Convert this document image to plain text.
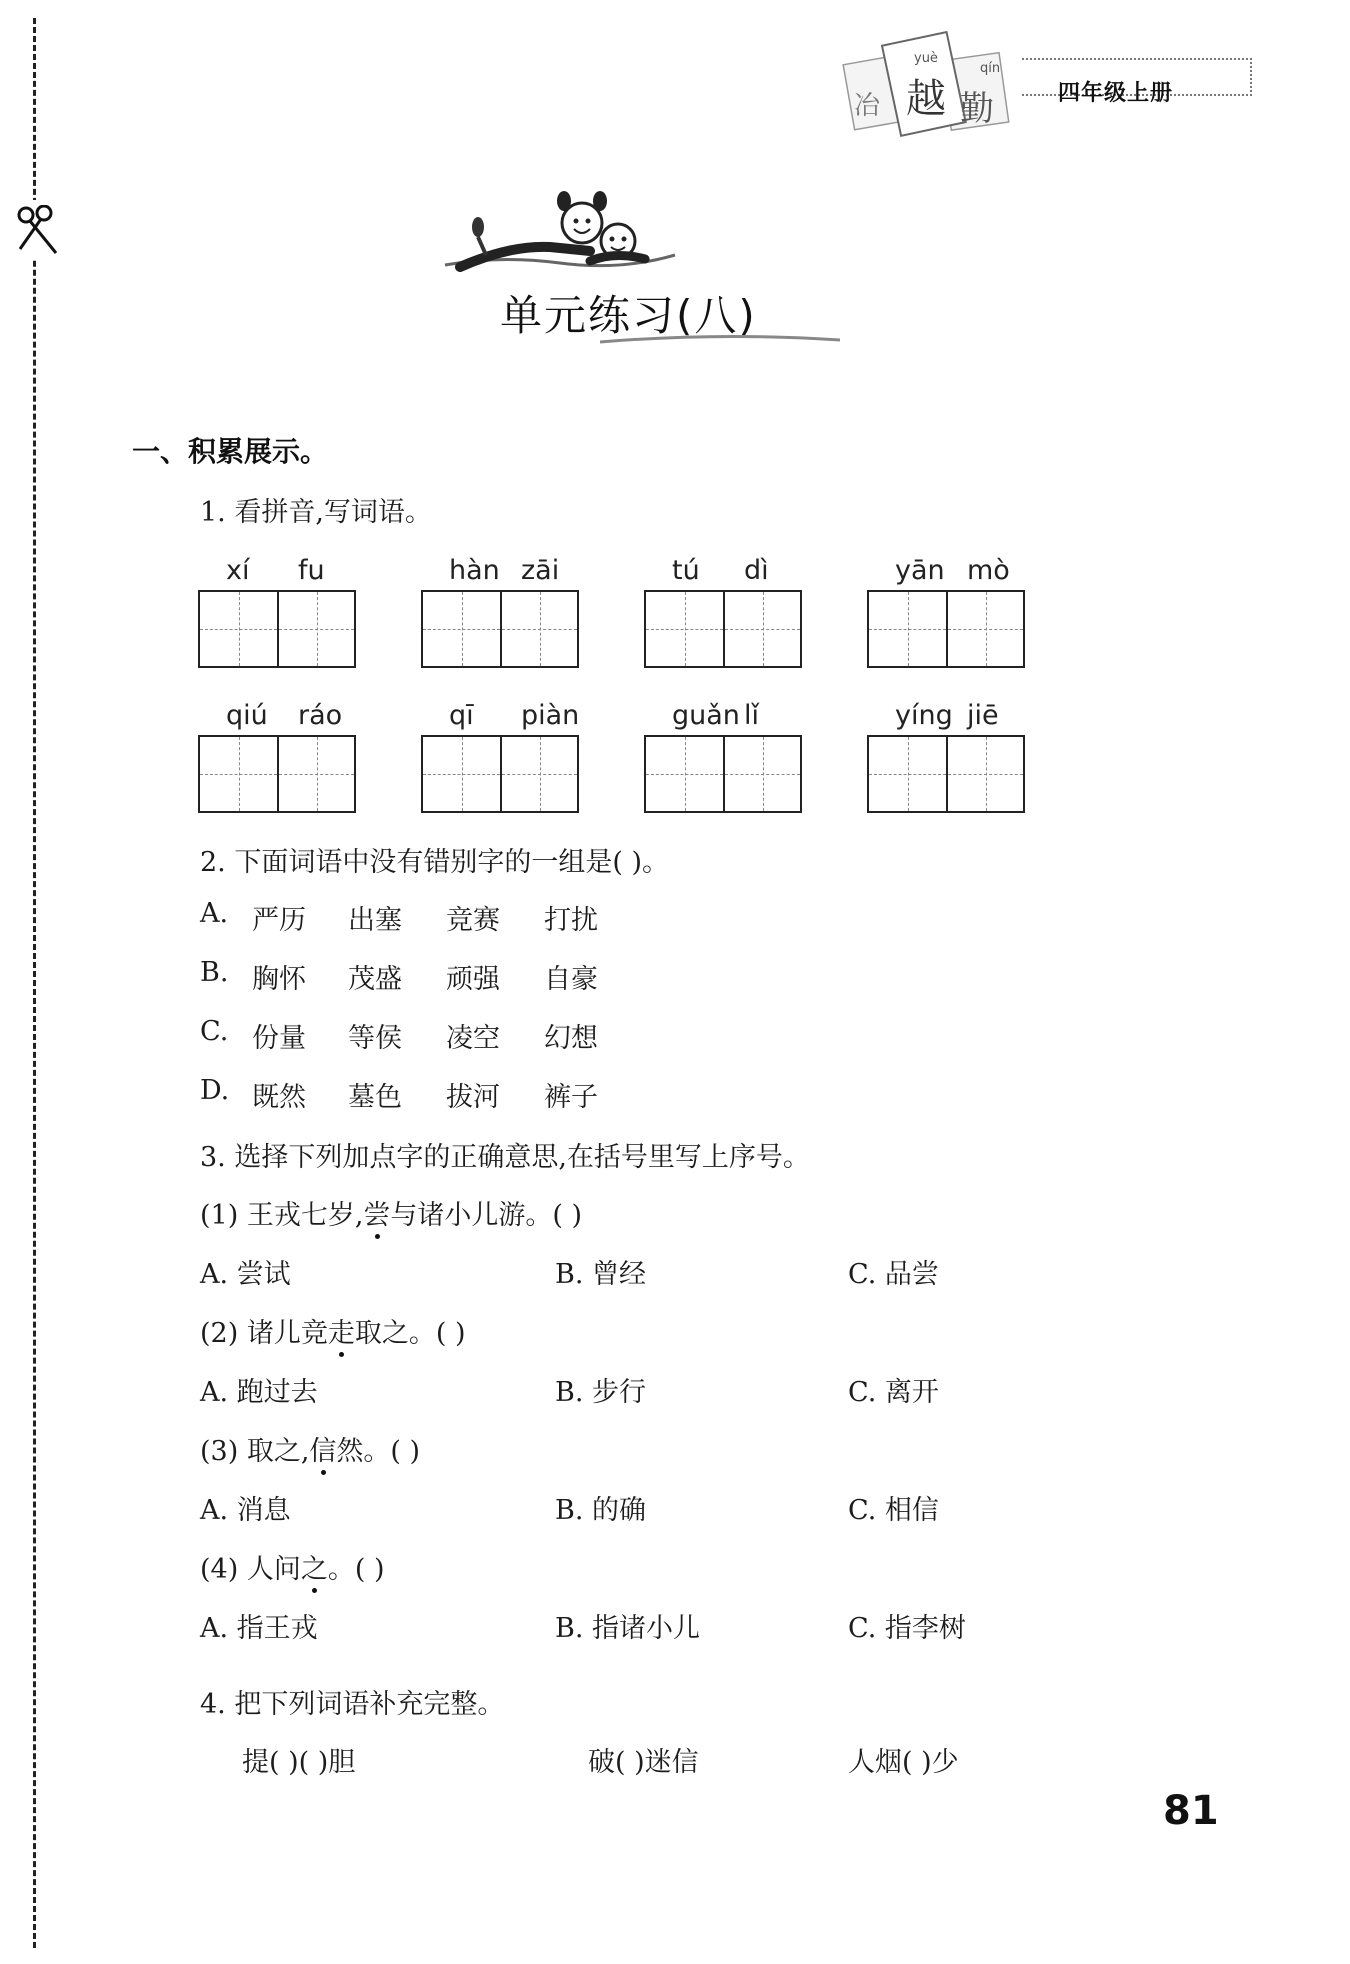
冶 越 勤
yuè
qín
四年级上册
单元练习(八)
一、积累展示。
1. 看拼音,写词语。
xí fu	hàn zāi	tú dì	yān mò
qiú ráo	qī piàn	guǎn lǐ	yíng jiē
2. 下面词语中没有错别字的一组是( )。
A. 严历 出塞 竞赛 打扰
B. 胸怀 茂盛 顽强 自豪
C. 份量 等侯 凌空 幻想
D. 既然 墓色 拔河 裤子
3. 选择下列加点字的正确意思,在括号里写上序号。
(1) 王戎七岁,尝与诸小儿游。( )
A. 尝试	B. 曾经	C. 品尝
(2) 诸儿竞走取之。( )
A. 跑过去	B. 步行	C. 离开
(3) 取之,信然。( )
A. 消息	B. 的确	C. 相信
(4) 人问之。( )
A. 指王戎	B. 指诸小儿	C. 指李树
4. 把下列词语补充完整。
提( )( )胆	破( )迷信	人烟( )少
81
